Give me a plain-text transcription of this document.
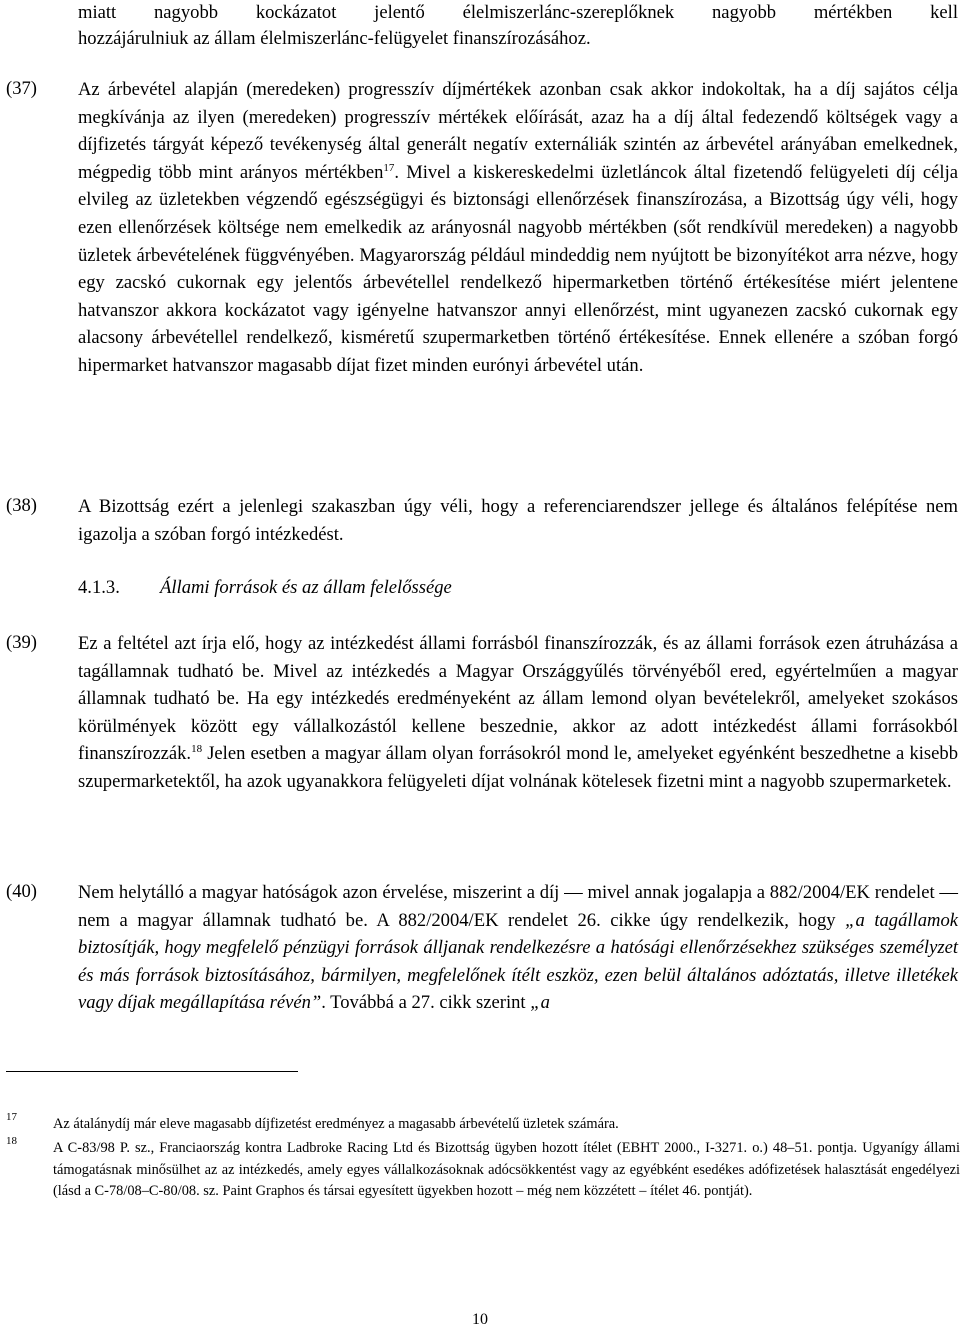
miatt nagyobb kockázatot jelentő élelmiszerlánc-szereplőknek nagyobb mértékben kell
hozzájárulniuk az állam élelmiszerlánc-felügyelet finanszírozásához.
(37) Az árbevétel alapján (meredeken) progresszív díjmértékek azonban csak akkor indokoltak, ha a díj sajátos célja megkívánja az ilyen (meredeken) progresszív mértékek előírását, azaz ha a díj által fedezendő költségek vagy a díjfizetés tárgyát képező tevékenység által generált negatív externáliák szintén az árbevétel arányában emelkednek, mégpedig több mint arányos mértékben$^{17}$. Mivel a kiskereskedelmi üzletláncok által fizetendő felügyeleti díj célja elvileg az üzletekben végzendő egészségügyi és biztonsági ellenőrzések finanszírozása, a Bizottság úgy véli, hogy ezen ellenőrzések költsége nem emelkedik az arányosnál nagyobb mértékben (sőt rendkívül meredeken) a nagyobb üzletek árbevételének függvényében. Magyarország például mindeddig nem nyújtott be bizonyítékot arra nézve, hogy egy zacskó cukornak egy jelentős árbevétellel rendelkező hipermarketben történő értékesítése miért jelentene hatvanszor akkora kockázatot vagy igényelne hatvanszor annyi ellenőrzést, mint ugyanezen zacskó cukornak egy alacsony árbevétellel rendelkező, kisméretű szupermarketben történő értékesítése. Ennek ellenére a szóban forgó hipermarket hatvanszor magasabb díjat fizet minden eurónyi árbevétel után.
(38) A Bizottság ezért a jelenlegi szakaszban úgy véli, hogy a referenciarendszer jellege és általános felépítése nem igazolja a szóban forgó intézkedést.
4.1.3. Állami források és az állam felelőssége
(39) Ez a feltétel azt írja elő, hogy az intézkedést állami forrásból finanszírozzák, és az állami források ezen átruházása a tagállamnak tudható be. Mivel az intézkedés a Magyar Országgyűlés törvényéből ered, egyértelműen a magyar államnak tudható be. Ha egy intézkedés eredményeként az állam lemond olyan bevételekről, amelyeket szokásos körülmények között egy vállalkozástól kellene beszednie, akkor az adott intézkedést állami forrásokból finanszírozzák.$^{18}$ Jelen esetben a magyar állam olyan forrásokról mond le, amelyeket egyénként beszedhetne a kisebb szupermarketektől, ha azok ugyanakkora felügyeleti díjat volnának kötelesek fizetni mint a nagyobb szupermarketek.
(40) Nem helytálló a magyar hatóságok azon érvelése, miszerint a díj — mivel annak jogalapja a 882/2004/EK rendelet — nem a magyar államnak tudható be. A 882/2004/EK rendelet 26. cikke úgy rendelkezik, hogy „a tagállamok biztosítják, hogy megfelelő pénzügyi források álljanak rendelkezésre a hatósági ellenőrzésekhez szükséges személyzet és más források biztosításához, bármilyen, megfelelőnek ítélt eszköz, ezen belül általános adóztatás, illetve illetékek vagy díjak megállapítása révén”. Továbbá a 27. cikk szerint „a
17	Az átalánydíj már eleve magasabb díjfizetést eredményez a magasabb árbevételű üzletek számára.
18	A C-83/98 P. sz., Franciaország kontra Ladbroke Racing Ltd és Bizottság ügyben hozott ítélet (EBHT 2000., I-3271. o.) 48–51. pontja. Ugyanígy állami támogatásnak minősülhet az az intézkedés, amely egyes vállalkozásoknak adócsökkentést vagy az egyébként esedékes adófizetések halasztását engedélyezi (lásd a C-78/08–C-80/08. sz. Paint Graphos és társai egyesített ügyekben hozott – még nem közzétett – ítélet 46. pontját).
10
